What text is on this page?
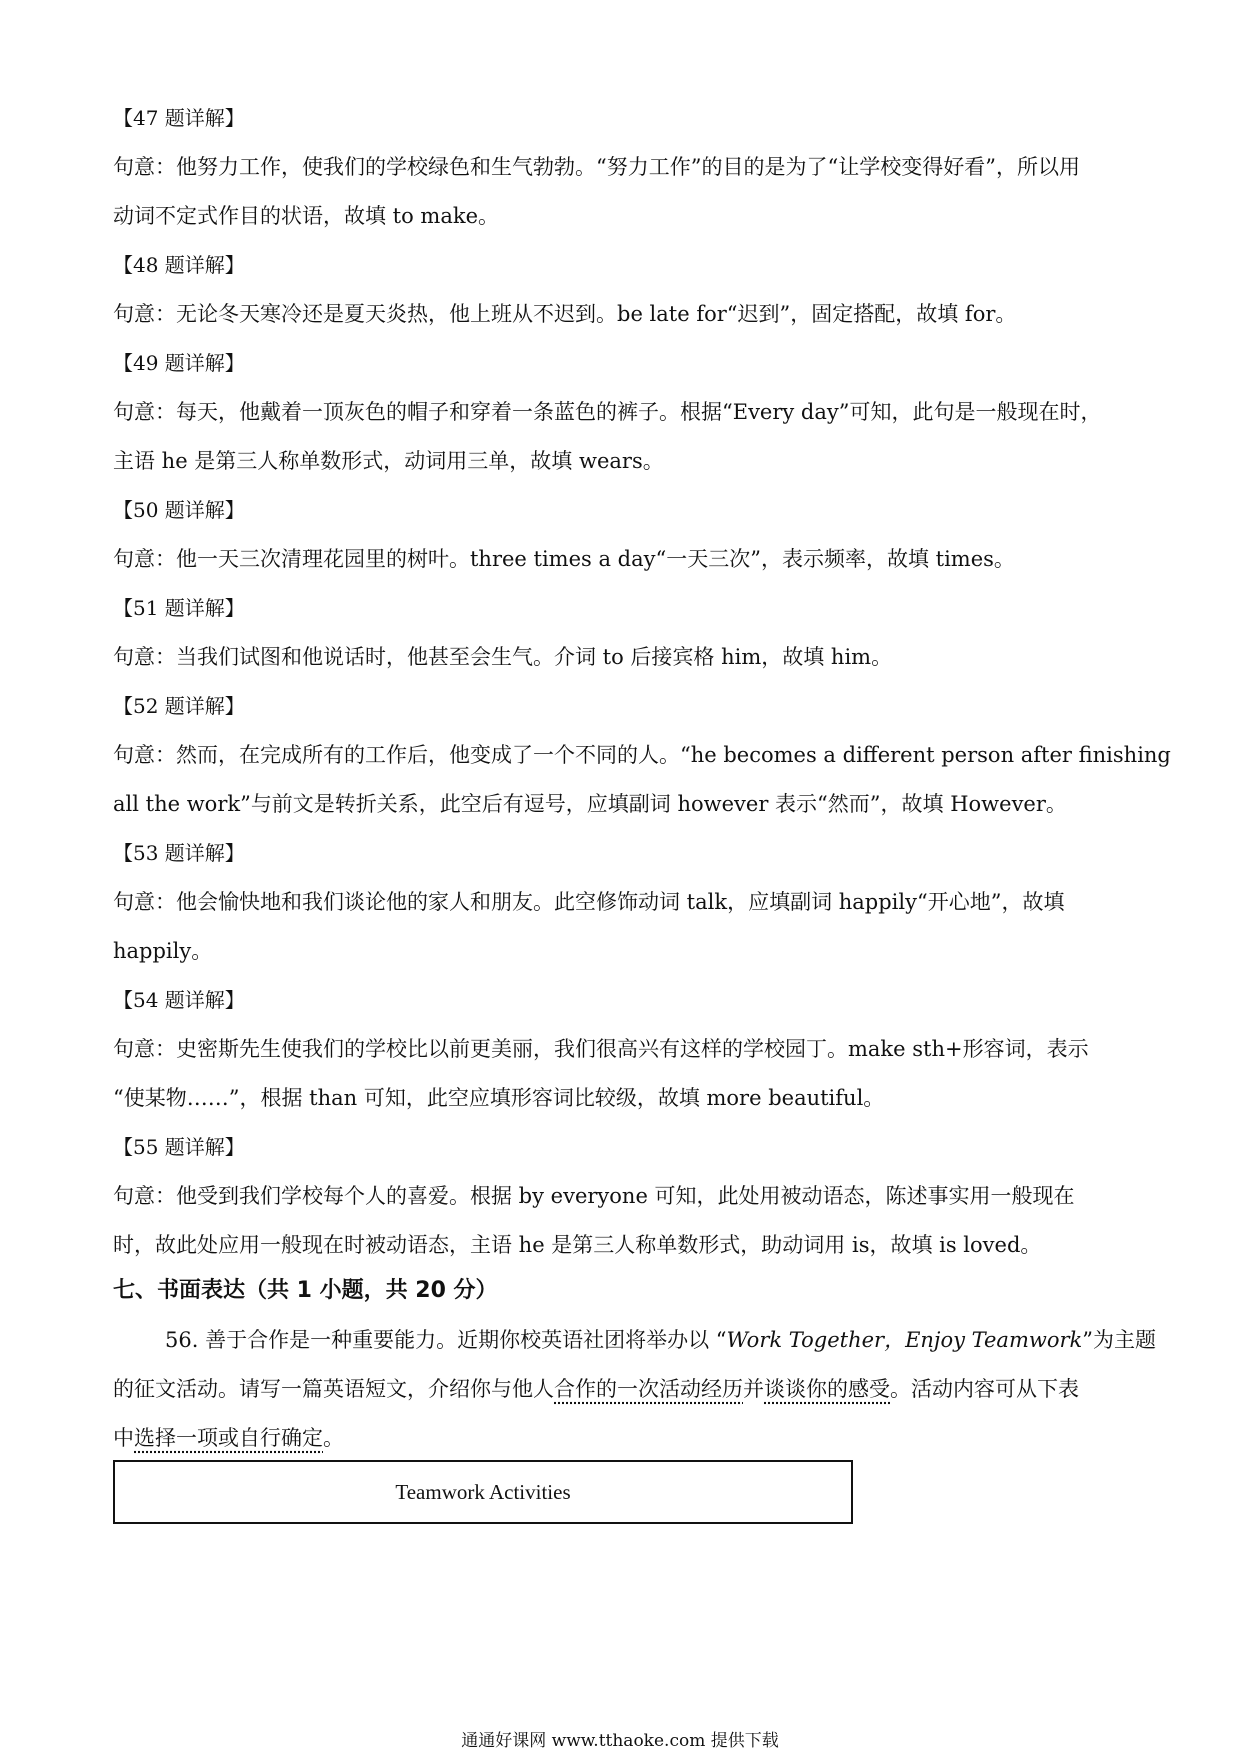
【47 题详解】
句意：他努力工作，使我们的学校绿色和生气勃勃。“努力工作”的目的是为了“让学校变得好看”，所以用
动词不定式作目的状语，故填 to make。
【48 题详解】
句意：无论冬天寒冷还是夏天炎热，他上班从不迟到。be late for“迟到”，固定搭配，故填 for。
【49 题详解】
句意：每天，他戴着一顶灰色的帽子和穿着一条蓝色的裤子。根据“Every day”可知，此句是一般现在时，
主语 he 是第三人称单数形式，动词用三单，故填 wears。
【50 题详解】
句意：他一天三次清理花园里的树叶。three times a day“一天三次”，表示频率，故填 times。
【51 题详解】
句意：当我们试图和他说话时，他甚至会生气。介词 to 后接宾格 him，故填 him。
【52 题详解】
句意：然而，在完成所有的工作后，他变成了一个不同的人。“he becomes a different person after finishing
all the work”与前文是转折关系，此空后有逗号，应填副词 however 表示“然而”，故填 However。
【53 题详解】
句意：他会愉快地和我们谈论他的家人和朋友。此空修饰动词 talk，应填副词 happily“开心地”，故填
happily。
【54 题详解】
句意：史密斯先生使我们的学校比以前更美丽，我们很高兴有这样的学校园丁。make sth+形容词，表示
“使某物……”，根据 than 可知，此空应填形容词比较级，故填 more beautiful。
【55 题详解】
句意：他受到我们学校每个人的喜爱。根据 by everyone 可知，此处用被动语态，陈述事实用一般现在
时，故此处应用一般现在时被动语态，主语 he 是第三人称单数形式，助动词用 is，故填 is loved。
七、书面表达（共 1 小题，共 20 分）
56. 善于合作是一种重要能力。近期你校英语社团将举办以 “Work Together，Enjoy Teamwork”为主题
的征文活动。请写一篇英语短文，介绍你与他人合作的一次活动经历并谈谈你的感受。活动内容可从下表
中选择一项或自行确定。
Teamwork Activities
通通好课网 www.tthaoke.com 提供下载
